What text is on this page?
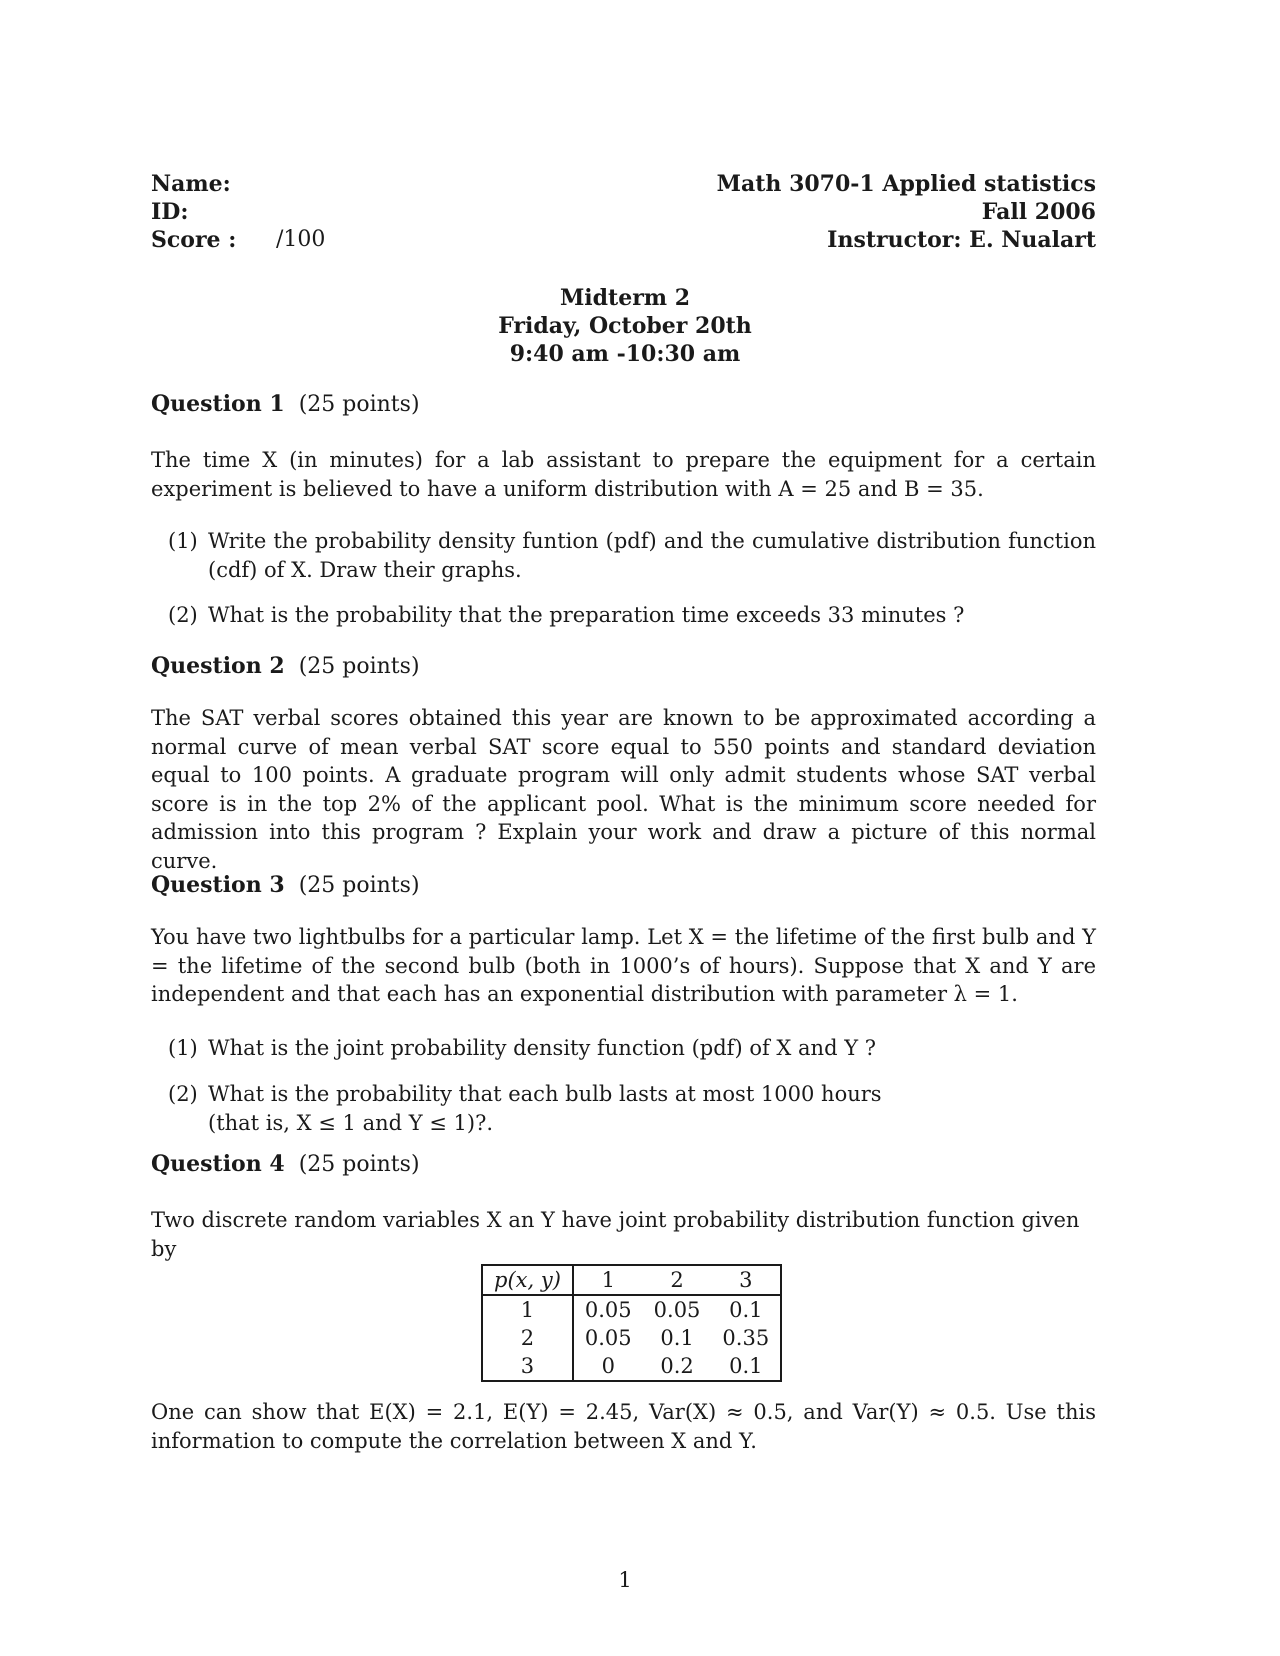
Name:
ID:
Score :	/100
Math 3070-1 Applied statistics
Fall 2006
Instructor: E. Nualart
Midterm 2
Friday, October 20th
9:40 am -10:30 am
Question 1 (25 points)
The time X (in minutes) for a lab assistant to prepare the equipment for a certain experiment is believed to have a uniform distribution with A = 25 and B = 35.
(1) Write the probability density funtion (pdf) and the cumulative distribution function (cdf) of X. Draw their graphs.
(2) What is the probability that the preparation time exceeds 33 minutes ?
Question 2 (25 points)
The SAT verbal scores obtained this year are known to be approximated according a normal curve of mean verbal SAT score equal to 550 points and standard deviation equal to 100 points. A graduate program will only admit students whose SAT verbal score is in the top 2% of the applicant pool. What is the minimum score needed for admission into this program ? Explain your work and draw a picture of this normal curve.
Question 3 (25 points)
You have two lightbulbs for a particular lamp. Let X = the lifetime of the first bulb and Y = the lifetime of the second bulb (both in 1000’s of hours). Suppose that X and Y are independent and that each has an exponential distribution with parameter λ = 1.
(1) What is the joint probability density function (pdf) of X and Y ?
(2) What is the probability that each bulb lasts at most 1000 hours
(that is, X ≤ 1 and Y ≤ 1)?.
Question 4 (25 points)
Two discrete random variables X an Y have joint probability distribution function given by
p(x, y)	1	2	3
1	0.05	0.05	0.1
2	0.05	0.1	0.35
3	0	0.2	0.1
One can show that E(X) = 2.1, E(Y) = 2.45, Var(X) ≈ 0.5, and Var(Y) ≈ 0.5. Use this information to compute the correlation between X and Y.
1
